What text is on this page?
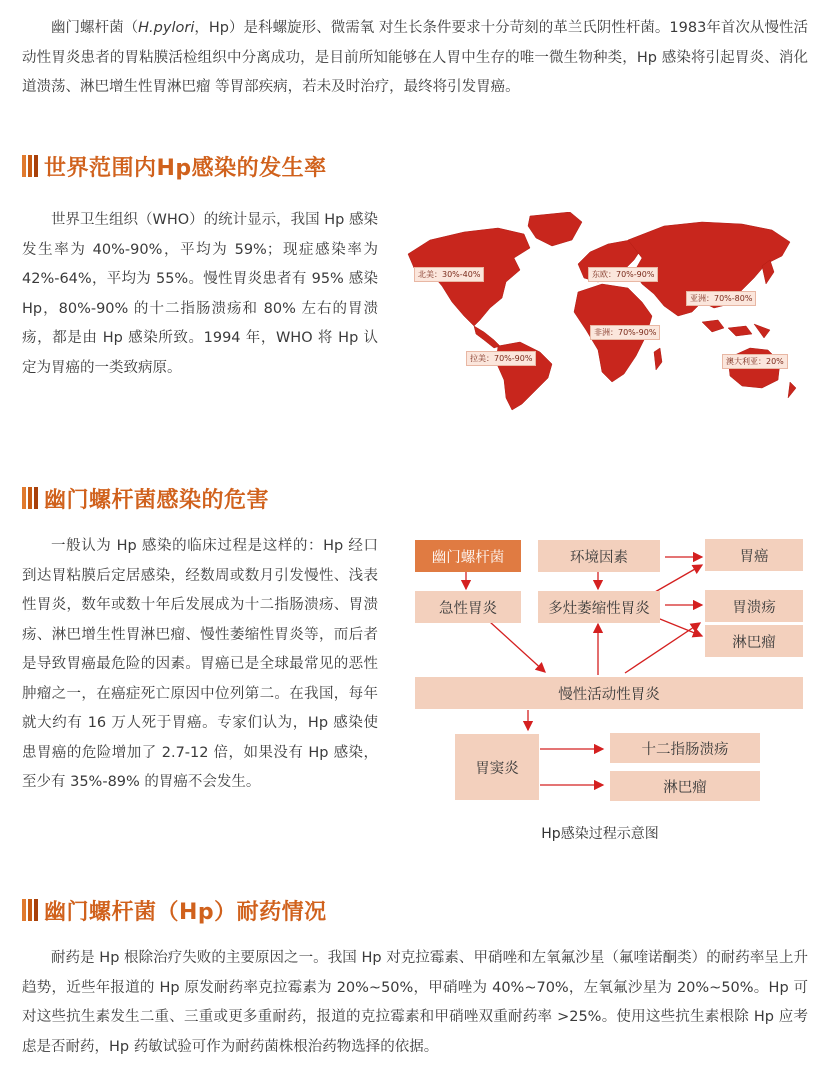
幽门螺杆菌（H.pylori，Hp）是科螺旋形、微需氧 对生长条件要求十分苛刻的革兰氏阴性杆菌。1983年首次从慢性活动性胃炎患者的胃粘膜活检组织中分离成功，是目前所知能够在人胃中生存的唯一微生物种类，Hp 感染将引起胃炎、消化道溃荡、淋巴增生性胃淋巴瘤 等胃部疾病，若未及时治疗，最终将引发胃癌。

世界范围内Hp感染的发生率

世界卫生组织（WHO）的统计显示，我国 Hp 感染发生率为 40%-90%，平均为 59%；现症感染率为 42%-64%，平均为 55%。慢性胃炎患者有 95% 感染 Hp，80%-90% 的十二指肠溃疡和 80% 左右的胃溃疡，都是由 Hp 感染所致。1994 年，WHO 将 Hp 认定为胃癌的一类致病原。

北美：30%-40%	东欧：70%-90%
亚洲：70%-80%
非洲：70%-90%
拉美：70%-90%	澳大利亚：20%
幽门螺杆菌感染的危害

一般认为 Hp 感染的临床过程是这样的：Hp 经口到达胃粘膜后定居感染，经数周或数月引发慢性、浅表性胃炎，数年或数十年后发展成为十二指肠溃疡、胃溃疡、淋巴增生性胃淋巴瘤、慢性萎缩性胃炎等，而后者是导致胃癌最危险的因素。胃癌已是全球最常见的恶性肿瘤之一，在癌症死亡原因中位列第二。在我国，每年就大约有 16 万人死于胃癌。专家们认为，Hp 感染使患胃癌的危险增加了 2.7-12 倍，如果没有 Hp 感染，至少有 35%-89% 的胃癌不会发生。

幽门螺杆菌	环境因素	胃癌
急性胃炎	多灶萎缩性胃炎	胃溃疡
淋巴瘤
慢性活动性胃炎
胃窦炎
十二指肠溃疡
淋巴瘤
Hp感染过程示意图
幽门螺杆菌（Hp）耐药情况

耐药是 Hp 根除治疗失败的主要原因之一。我国 Hp 对克拉霉素、甲硝唑和左氧氟沙星（氟喹诺酮类）的耐药率呈上升趋势，近些年报道的 Hp 原发耐药率克拉霉素为 20%~50%，甲硝唑为 40%~70%，左氧氟沙星为 20%~50%。Hp 可对这些抗生素发生二重、三重或更多重耐药，报道的克拉霉素和甲硝唑双重耐药率 >25%。使用这些抗生素根除 Hp 应考虑是否耐药，Hp 药敏试验可作为耐药菌株根治药物选择的依据。
